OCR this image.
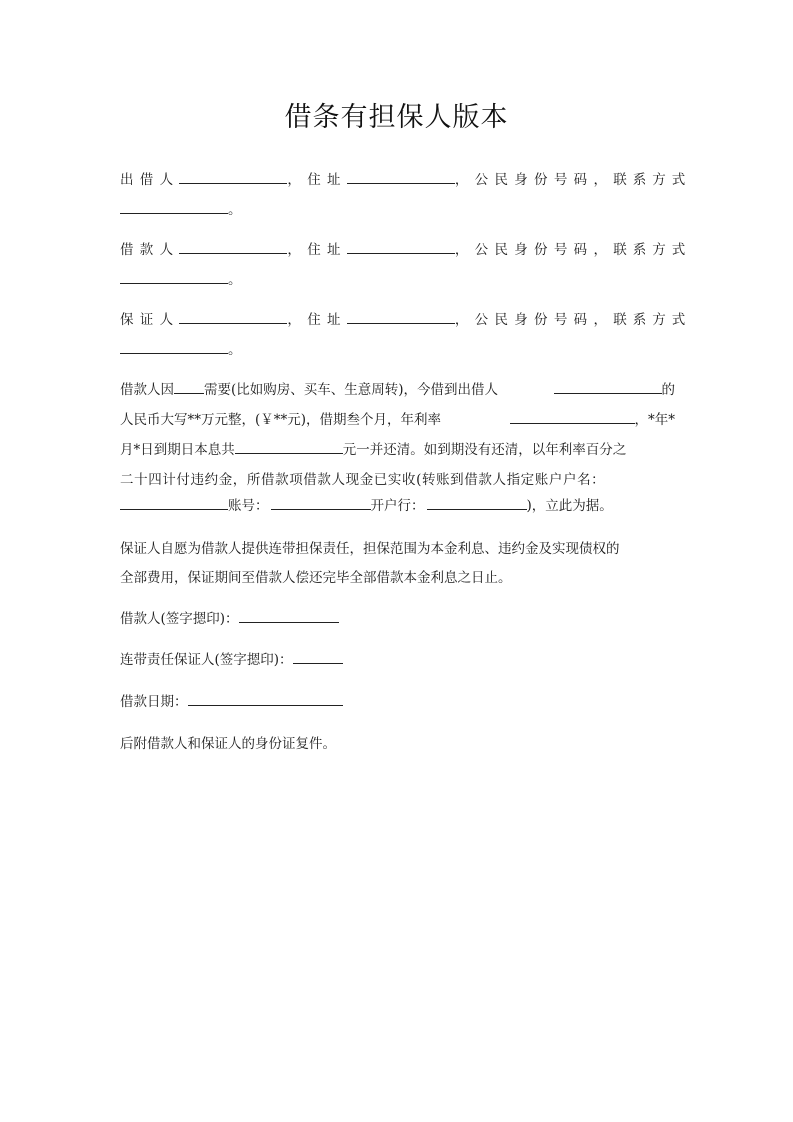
借条有担保人版本
出借人	， 住址	， 公民身份号码 ， 联系方式
。
借款人	， 住址	， 公民身份号码 ， 联系方式
。
保证人	， 住址	， 公民身份号码 ， 联系方式
。
借款人因 需要(比如购房、买车、生意周转)，今借到出借人	的
人民币大写**万元整，(￥**元)，借期叁个月，年利率	，*年*
月*日到期日本息共	元一并还清。如到期没有还清，以年利率百分之
二十四计付违约金，所借款项借款人现金已实收(转账到借款人指定账户户名：
账号：	开户行：	)，立此为据。
保证人自愿为借款人提供连带担保责任，担保范围为本金利息、违约金及实现债权的
全部费用，保证期间至借款人偿还完毕全部借款本金利息之日止。
借款人(签字摁印)：
连带责任保证人(签字摁印)：
借款日期：
后附借款人和保证人的身份证复件。
